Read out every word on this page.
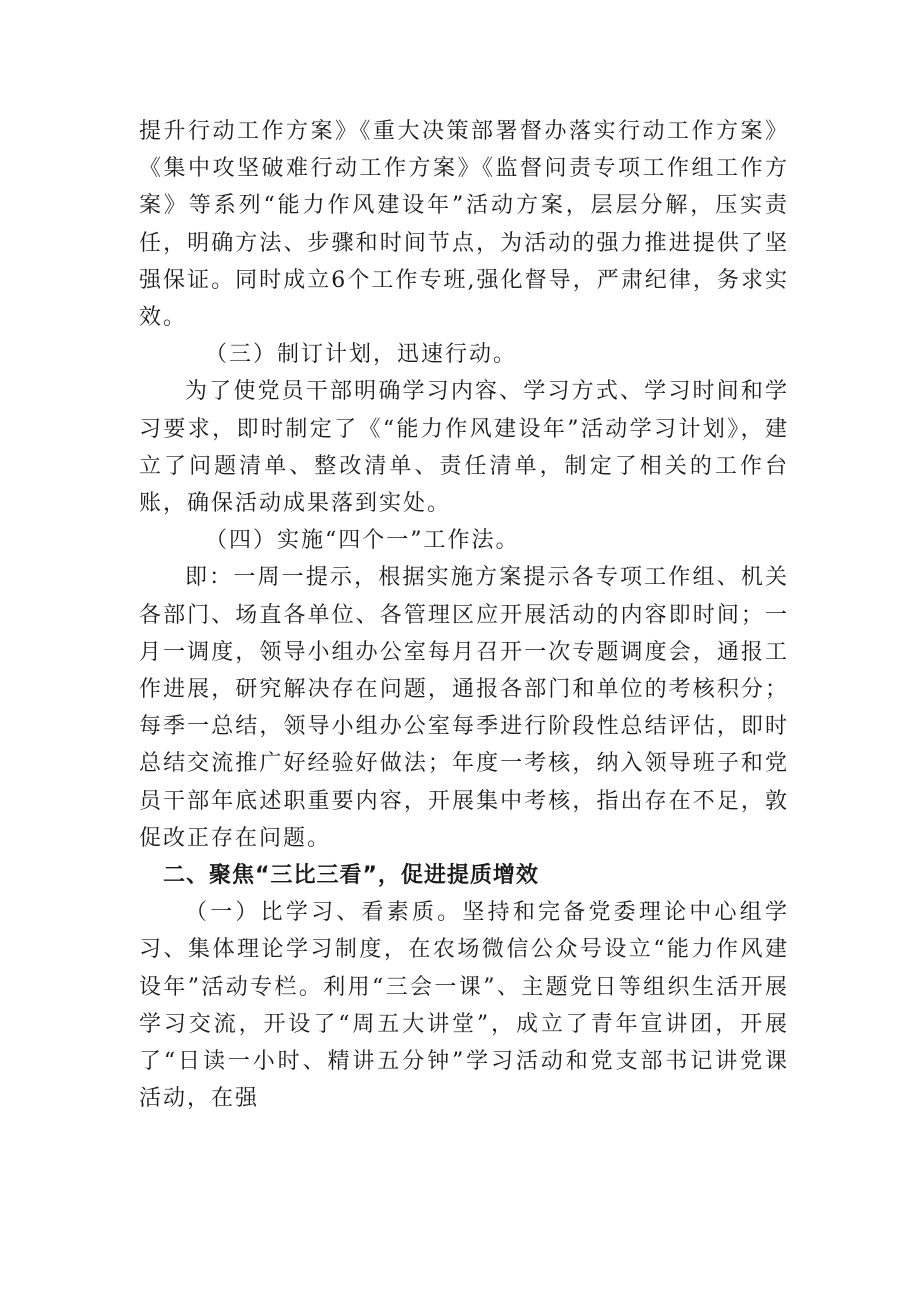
提升行动工作方案》《重大决策部署督办落实行动工作方案》《集中攻坚破难行动工作方案》《监督问责专项工作组工作方案》等系列“能力作风建设年”活动方案，层层分解，压实责任，明确方法、步骤和时间节点，为活动的强力推进提供了坚强保证。同时成立6个工作专班,强化督导，严肃纪律，务求实效。

（三）制订计划，迅速行动。

为了使党员干部明确学习内容、学习方式、学习时间和学习要求，即时制定了《“能力作风建设年”活动学习计划》，建立了问题清单、整改清单、责任清单，制定了相关的工作台账，确保活动成果落到实处。

（四）实施“四个一”工作法。

即：一周一提示，根据实施方案提示各专项工作组、机关各部门、场直各单位、各管理区应开展活动的内容即时间；一月一调度，领导小组办公室每月召开一次专题调度会，通报工作进展，研究解决存在问题，通报各部门和单位的考核积分；每季一总结，领导小组办公室每季进行阶段性总结评估，即时总结交流推广好经验好做法；年度一考核，纳入领导班子和党员干部年底述职重要内容，开展集中考核，指出存在不足，敦促改正存在问题。

二、聚焦“三比三看”，促进提质增效

（一）比学习、看素质。坚持和完备党委理论中心组学习、集体理论学习制度，在农场微信公众号设立“能力作风建设年”活动专栏。利用“三会一课”、主题党日等组织生活开展学习交流，开设了“周五大讲堂”，成立了青年宣讲团，开展了“日读一小时、精讲五分钟”学习活动和党支部书记讲党课活动，在强
